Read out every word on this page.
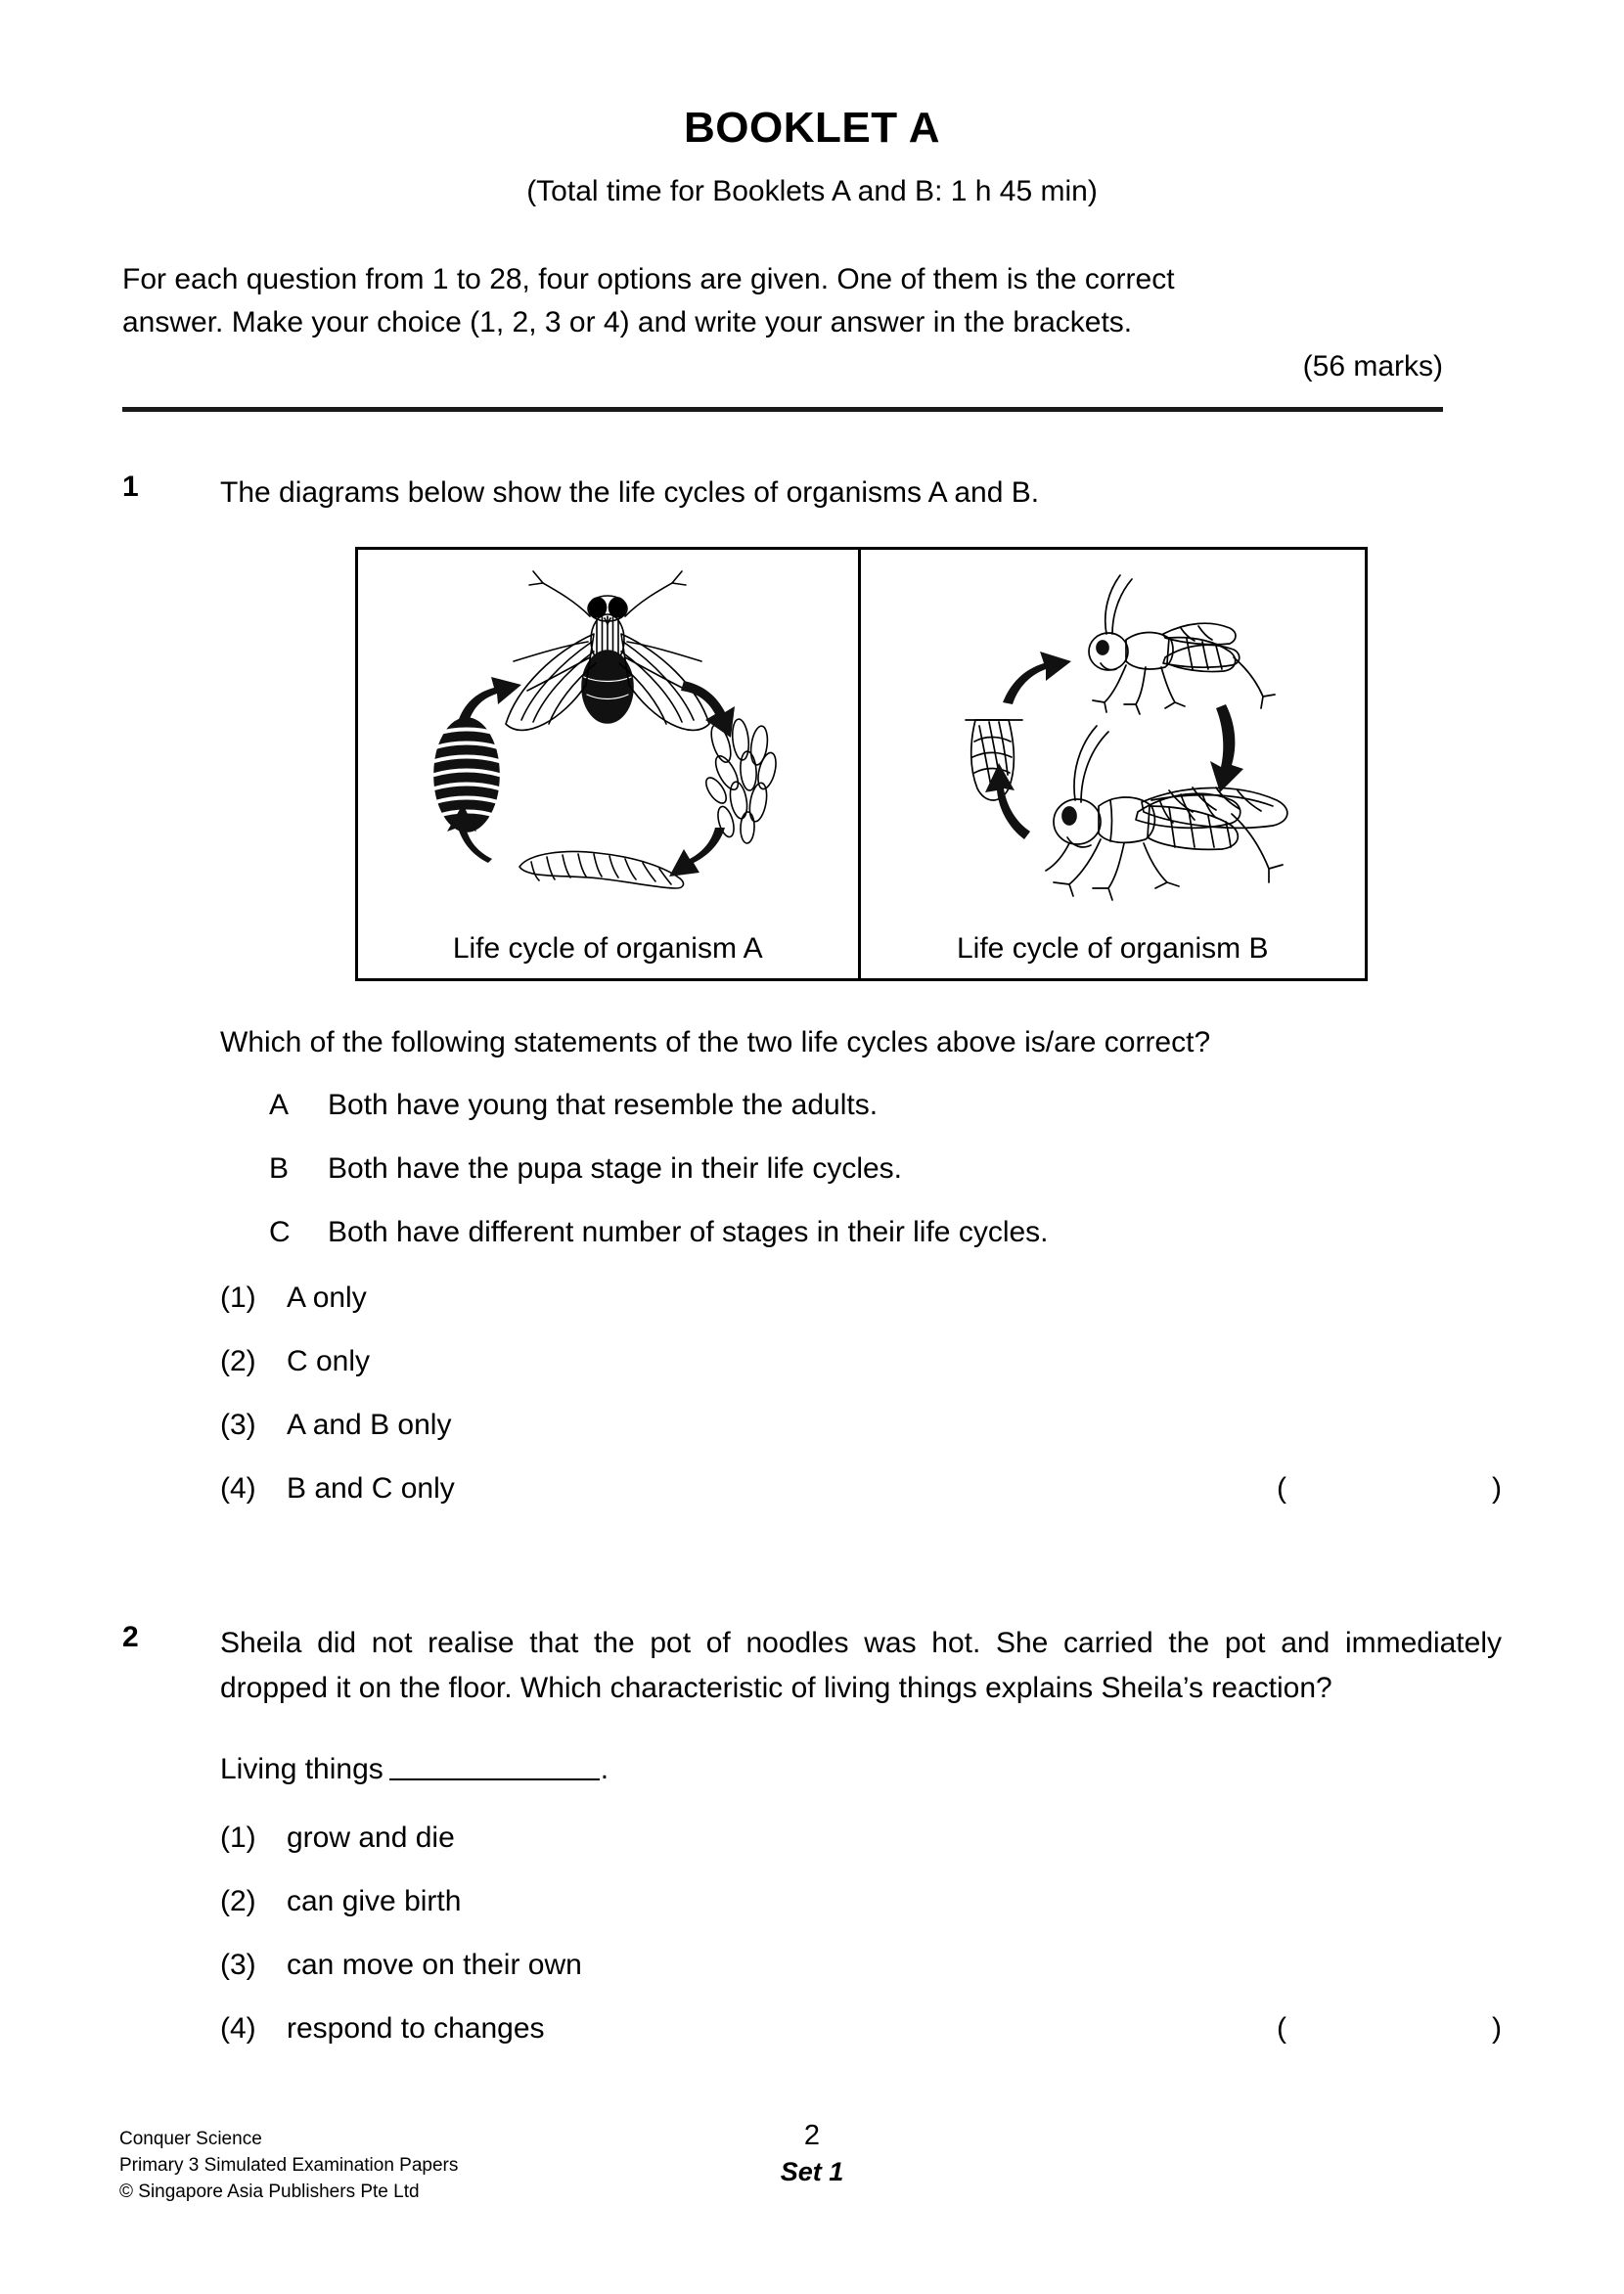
BOOKLET A
(Total time for Booklets A and B: 1 h 45 min)
For each question from 1 to 28, four options are given. One of them is the correct
answer. Make your choice (1, 2, 3 or 4) and write your answer in the brackets.
(56 marks)
1	The diagrams below show the life cycles of organisms A and B.
Life cycle of organism A	Life cycle of organism B
Which of the following statements of the two life cycles above is/are correct?
A	Both have young that resemble the adults.
B	Both have the pupa stage in their life cycles.
C	Both have different number of stages in their life cycles.
(1)	A only
(2)	C only
(3)	A and B only
(4)	B and C only	(	)
2	Sheila did not realise that the pot of noodles was hot. She carried the pot and immediately dropped it on the floor. Which characteristic of living things explains Sheila’s reaction?
Living things	.
(1)	grow and die
(2)	can give birth
(3)	can move on their own
(4)	respond to changes	(	)
Conquer Science
Primary 3 Simulated Examination Papers
© Singapore Asia Publishers Pte Ltd
2
Set 1
